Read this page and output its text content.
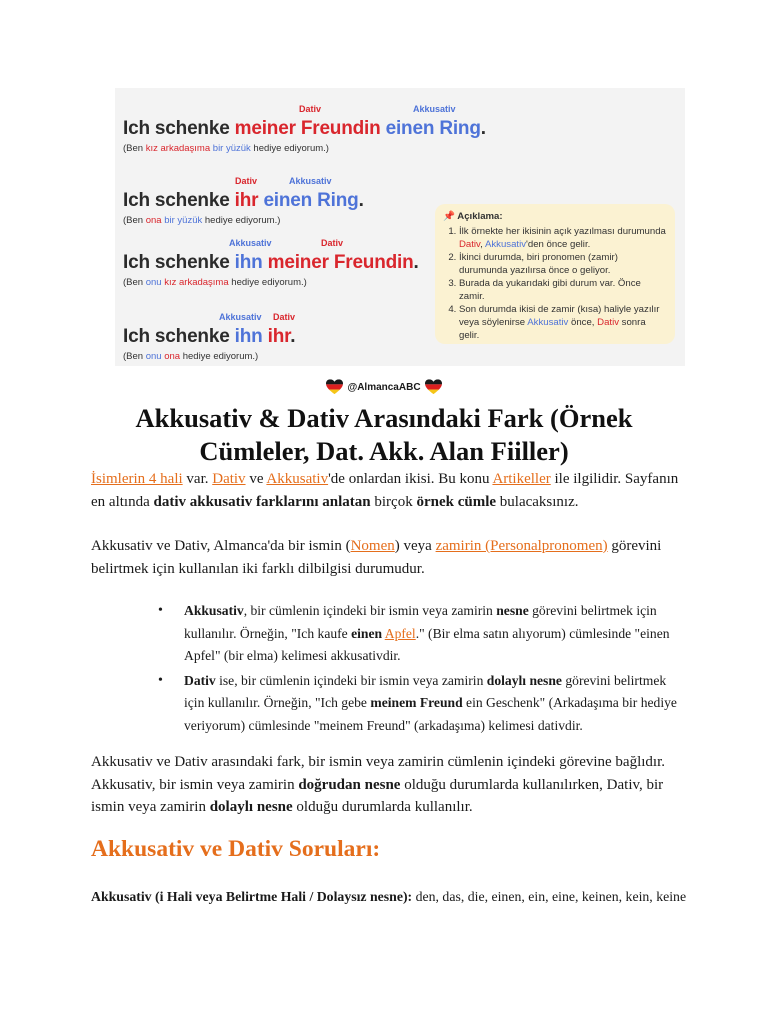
Dativ	Akkusativ
Ich schenke meiner Freundin einen Ring.
(Ben kız arkadaşıma bir yüzük hediye ediyorum.)
Dativ	Akkusativ
Ich schenke ihr einen Ring.
(Ben ona bir yüzük hediye ediyorum.)
Akkusativ	Dativ
Ich schenke ihn meiner Freundin.
(Ben onu kız arkadaşıma hediye ediyorum.)
Akkusativ Dativ
Ich schenke ihn ihr.
(Ben onu ona hediye ediyorum.)
📌 Açıklama:
1. İlk örnekte her ikisinin açık yazılması durumunda Dativ, Akkusativ'den önce gelir.
2. İkinci durumda, biri pronomen (zamir) durumunda yazılırsa önce o geliyor.
3. Burada da yukarıdaki gibi durum var. Önce zamir.
4. Son durumda ikisi de zamir (kısa) haliyle yazılır veya söylenirse Akkusativ önce, Dativ sonra gelir.
@AlmancaABC
Akkusativ & Dativ Arasındaki Fark (Örnek Cümleler, Dat. Akk. Alan Fiiller)

İsimlerin 4 hali var. Dativ ve Akkusativ'de onlardan ikisi. Bu konu Artikeller ile ilgilidir. Sayfanın en altında dativ akkusativ farklarını anlatan birçok örnek cümle bulacaksınız.

Akkusativ ve Dativ, Almanca'da bir ismin (Nomen) veya zamirin (Personalpronomen) görevini belirtmek için kullanılan iki farklı dilbilgisi durumudur.

• Akkusativ, bir cümlenin içindeki bir ismin veya zamirin nesne görevini belirtmek için kullanılır. Örneğin, "Ich kaufe einen Apfel." (Bir elma satın alıyorum) cümlesinde "einen Apfel" (bir elma) kelimesi akkusativdir.
• Dativ ise, bir cümlenin içindeki bir ismin veya zamirin dolaylı nesne görevini belirtmek için kullanılır. Örneğin, "Ich gebe meinem Freund ein Geschenk" (Arkadaşıma bir hediye veriyorum) cümlesinde "meinem Freund" (arkadaşıma) kelimesi dativdir.

Akkusativ ve Dativ arasındaki fark, bir ismin veya zamirin cümlenin içindeki görevine bağlıdır. Akkusativ, bir ismin veya zamirin doğrudan nesne olduğu durumlarda kullanılırken, Dativ, bir ismin veya zamirin dolaylı nesne olduğu durumlarda kullanılır.

Akkusativ ve Dativ Soruları:

Akkusativ (i Hali veya Belirtme Hali / Dolaysız nesne): den, das, die, einen, ein, eine, keinen, kein, keine
